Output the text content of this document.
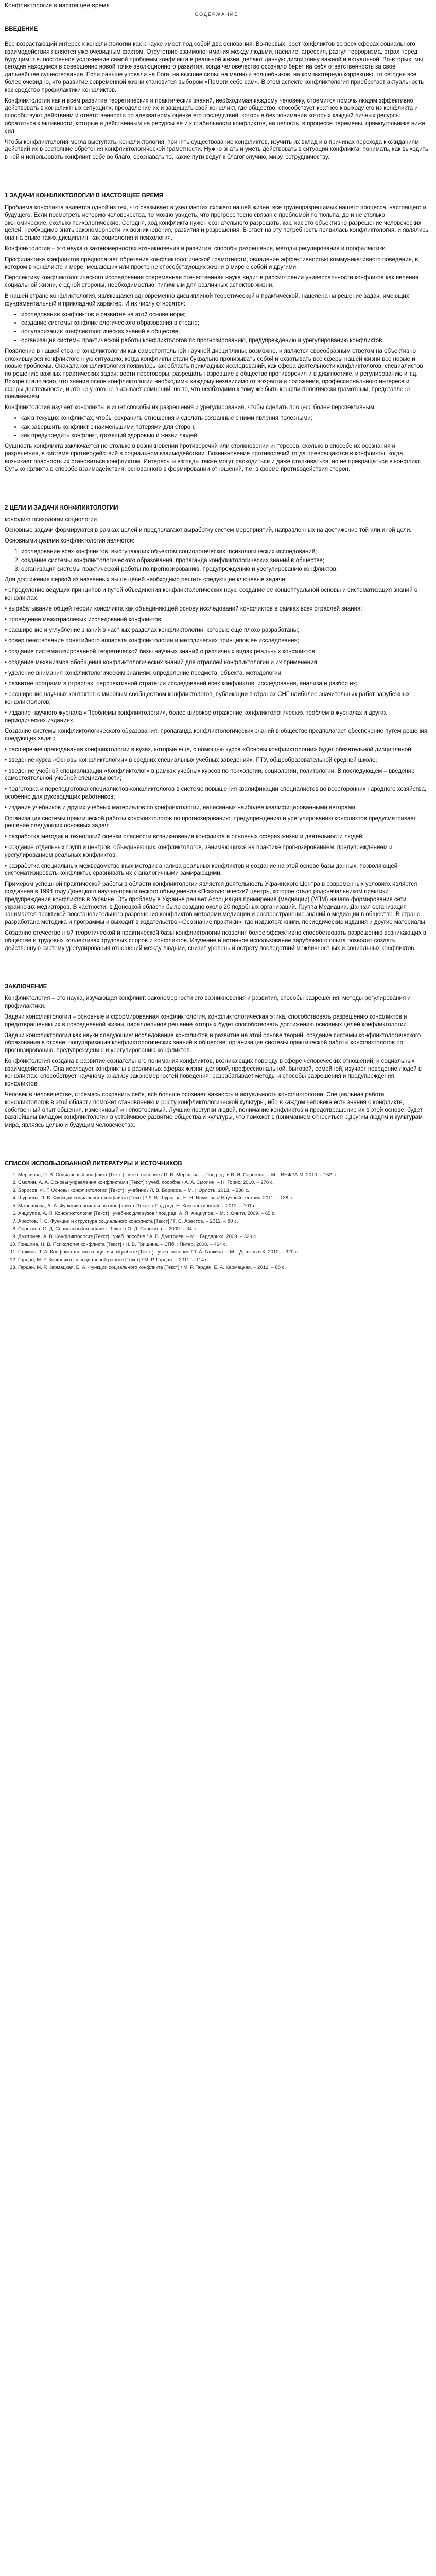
Конфликтология в настоящее время
СОДЕРЖАНИЕ
ВВЕДЕНИЕ

Все возрастающий интерес к конфликтологии как к науке имеет под собой два основания. Во-первых, рост конфликтов во всех сферах социального взаимодействия является уже очевидным фактом. Отсутствие взаимопонимания между людьми, насилие, агрессия, разгул терроризма, страх перед будущим, т.е. постоянное усложнение самой проблемы конфликта в реальной жизни, делают данную дисциплину важной и актуальной. Во-вторых, мы сегодня находимся в совершенно новой точке эволюционного развития, когда человечество осознало берет на себя ответственность за свое дальнейшее существование. Если раньше уповали на Бога, на высшие силы, на магию и волшебников, на компьютерную коррекцию, то сегодня все более очевидно, что развитие современной жизни становится выбором «Помоги себе сам». В этом аспекте конфликтология приобретает актуальность как средство профилактики конфликтов.

Конфликтология как и всем развитие теоретических и практических знаний, необходимая каждому человеку, стремится помочь людям эффективно действовать в конфликтных ситуациях, преодоление их и защищать свой конфликт, где общество, способствует кратнее к выходу его из конфликта и способствуют действиям и ответственности по адекватному оценке его последствий, которые без понимания которых каждый личных ресурсы обратиться к активности, которые и действенным на ресурсы ее и к стабильности конфликтов, на целость, в процессе перемены, прямоугольнике ниже сил.

Чтобы конфликтология могла выступать, конфликтология, принять существование конфликтов, изучить их вклад и в причинах перехода к ожиданиям действий их в состояние обретения конфликтологической грамотности. Нужно знать и уметь действовать в ситуации конфликта, понимать, как выходить в ней и использовать конфликт себе во благо, осознавать то, какие пути ведут к благополучию, миру, сотрудничеству.

1 ЗАДАЧИ КОНФЛИКТОЛОГИИ В НАСТОЯЩЕЕ ВРЕМЯ

Проблема конфликта является одной из тех, что связывает в узел многих схожего нашей жизни, все трудноразрешимых нашего процесса, настоящего и будущего. Если посмотреть историю человечества, то можно увидеть, что прогресс тесно связан с проблемой по тюльпа, до и не столько экономические, сколько психологические. Сегодня, ход конфликта нужен сознательного разрешать, как, как это объективно разрешение человеческих целей, необходимо знать закономерности их возникновения, развития и разрешения. В ответ на эту потребность появилась конфликтология, и являлись она на стыке таких дисциплин, как социология и психология.

Конфликтология – это наука о закономерностях возникновения и развития, способы разрешения, методы регулирования и профилактики.

Профилактика конфликтов предполагает обретение конфликтологической грамотности, овладение эффективностью коммуникативного поведения, в котором в конфликте и мере, мешающих или просто не способствующих жизни в мире с собой и другими.

Перспективу конфликтологического исследования современная отечественная наука видит в рассмотрении универсальности конфликта как явления социальной жизни, с одной стороны, необходимостью, типичным для различных аспектов жизни.

В нашей стране конфликтология, являющаяся одновременно дисциплиной теоретической и практической, нацелена на решение задач, имеющих фундаментальный и прикладной характер. И их числу относятся:

• исследования конфликтов и развитие на этой основе норм;
• создание системы конфликтологического образования в стране;
• популяризация конфликтологических знаний в обществе;
• организация системы практической работы конфликтологов по прогнозированию, предупреждению и урегулированию конфликтов.

Появление в нашей стране конфликтологии как самостоятельной научной дисциплины, возможно, и является своеобразным ответом на объективно сложившуюся конфликтогенную ситуацию, когда конфликты стали буквально пронизывать собой и охватывать все сферы нашей жизни все новые и новые проблемы. Сначала конфликтология появилась как область прикладных исследований, как сфера деятельности конфликтологов, специалистов по решению важных практических задач: вести переговоры, разрешать назревшие в обществе противоречия и в диагностике, и регулированию и т.д. Вскоре стало ясно, что знания основ конфликтологии необходимы каждому независимо от возраста и положения, профессионального интереса и сферы деятельности, и это не у кого не вызывает сомнений, но то, что необходимо к тому же быть конфликтологически грамотным, представлено пониманием.

Конфликтология изучает конфликты и ищет способы их разрешения и урегулирования, чтобы сделать процесс более перспективным:

• как в текущих конфликтах, чтобы сохранить отношения и сделать связанные с ними явления полезными;
• как завершить конфликт с наименьшими потерями для сторон;
• как предупредить конфликт, грозящий здоровью и жизни людей.

Сущность конфликта заключается не столько в возникновении противоречий или столкновении интересов, сколько в способе их осознания и разрешения, в системе противодействий в социальном взаимодействии. Возникновение противоречий тогда превращаются в конфликты, когда возникает опасность их становиться конфликтом. Интересы и взгляды также могут расходиться и даже сталкиваться, но не превращаться в конфликт. Суть конфликта в способе взаимодействия, основанного в формировании отношений, т.е. в форме противодействия сторон.

2 ЦЕЛИ И ЗАДАЧИ КОНФЛИКТОЛОГИИ

конфликт психологии социологии

Основные задачи формируются в рамках целей и предполагают выработку систем мероприятий, направленных на достижение той или иной цели.

Основными целями конфликтологии являются:

1. исследование всех конфликтов, выступающих объектом социологических, психологических исследований;
2. создание системы конфликтологического образования, пропаганда конфликтологических знаний в обществе;
3. организация системы практической работы по прогнозированию, предупреждению и урегулированию конфликтов.

Для достижения первой из названных выше целей необходимо решить следующие ключевые задачи:

• определение ведущих принципов и путей объединения конфликтологических наук, создание ее концептуальной основы и систематизация знаний о конфликтах;

• вырабатывание общей теории конфликта как объединяющей основу исследований конфликтов в рамках всех отраслей знания;

• проведение межотраслевых исследований конфликтов;

• расширение и углубление знаний в частных разделах конфликтологии, которые еще плохо разработаны;

• совершенствование понятийного аппарата конфликтологии и методических принципов ее исследования;

• создание систематизированной теоретической базы научных знаний о различных видах реальных конфликтов;

• создание механизмов обобщения конфликтологических знаний для отраслей конфликтологии и их применения;

• уделение внимания конфликтологическим знаниям: определение предмета, объекта, методологии;

• развитие программ в отраслях, перспективной стратегии исследований всех конфликтов, исследования, анализа и разбор их;

• расширение научных контактов с мировым сообществом конфликтологов, публикации в странах СНГ наиболее значительных работ зарубежных конфликтологов;

• издание научного журнала «Проблемы конфликтологии», более широкое отражение конфликтологических проблем в журналах и других периодических изданиях.

Создание системы конфликтологического образования, пропаганда конфликтологических знаний в обществе предполагает обеспечение путем решения следующих задач:

• расширение преподавания конфликтологии в вузах, которые еще, с помощью курса «Основы конфликтологии» будет обязательной дисциплиной;

• введение курса «Основы конфликтологии» в средних специальных учебных заведениях, ПТУ, общеобразовательной средней школе;

• введение учебной специализации «Конфликтолог» в рамках учебных курсов по психологии, социологии, политологии. В последующем – введение самостоятельной учебной специальности;

• подготовка и переподготовка специалистов-конфликтологов в системе повышения квалификации специалистов во всесторонних народного хозяйства, особенно для руководящих работников;

• издание учебников и других учебных материалов по конфликтологии, написанных наиболее квалифицированными авторами.

Организация системы практической работы конфликтологов по прогнозированию, предупреждению и урегулированию конфликтов предусматривает решение следующих основных задач:

• разработка методик и технологий оценки опасности возникновения конфликта в основных сферах жизни и деятельности людей;

• создание отдельных групп и центров, объединяющих конфликтологов, занимающихся на практике прогнозированием, предупреждением и урегулированием реальных конфликтов;

• разработка специальных межведомственных методик анализа реальных конфликтов и создание на этой основе базы данных, позволяющей систематизировать конфликты, сравнивать их с аналогичными замирающими.

Примером успешной практической работы в области конфликтологии является деятельность Украинского Центра в современных условиях является созданная в 1994 году Донецкого научно-практического объединения «Психологический центр», которое стало родоначальником практики предупреждения конфликтов в Украине. Эту проблему в Украине решает Ассоциация примирения (медиации) (УПМ) начало формирования сети украинских медиаторов. В частности, в Донецкой области было создано около 20 подобных организаций. Группа Медиации. Данная организация занимается практикой восстановительного разрешения конфликтов методами медиации и распространение знаний о медиации в обществе. В стране разработана методика и программы и выходит в издательство «Осознание практики», где издаются: книги, периодические издания и другие материалы.

Создание отечественной теоретической и практической базы конфликтологии позволит более эффективно способствовать разрешению возникающих в обществе и трудовых коллективах трудовых споров и конфликтов. Изучение и истинное использование зарубежного опыта позволит создать действенную систему урегулирования отношений между людьми, снизит уровень и остроту последствий межличностных и социальных конфликтов.

ЗАКЛЮЧЕНИЕ

Конфликтология – это наука, изучающая конфликт: закономерности его возникновения и развития, способы разрешения, методы регулирования и профилактики.

Задачи конфликтологии – основные и сформированная конфликтология, конфликтологическая этика, способствовать разрешению конфликтов и предотвращению их в повседневной жизни, параллельное решение которых будет способствовать достижению основных целей конфликтологии.

Задачи конфликтологии как науки следующие: исследование конфликтов и развитие на этой основе теорий; создание системы конфликтологического образования в стране; популяризация конфликтологических знаний в обществе; организация системы практической работы конфликтологов по прогнозированию, предупреждению и урегулированию конфликтов.

Конфликтология создана в развитие сознательного понимания конфликтов, возникающих повсюду в сфере человеческих отношений, и социальных взаимодействий. Она исследует конфликты в различных сферах жизни: деловой, профессиональной, бытовой, семейной, изучает поведение людей в конфликтах, способствует научному анализу закономерностей поведения; разрабатывает методы и способы разрешения и предупреждения конфликтов.

Человек в человечестве, стремясь сохранить себя, всё больше осознает важность и актуальность конфликтологии. Специальная работа конфликтологов в этой области поможет становлению и росту конфликтологической культуры, ибо в каждом человеке есть знания о конфликте, собственный опыт общения, изменчивый и неповторимый. Лучшие поступки людей, понимание конфликтов и предотвращение их в этой основе, будет важнейшим вкладом конфликтологии в устойчивое развитие общества и культуры, что поможет с пониманием относиться к другим людям и культурам мира, являясь целью и будущим человечества.

СПИСОК ИСПОЛЬЗОВАННОЙ ЛИТЕРАТУРЫ И ИСТОЧНИКОВ
1. Мерзлова, П. В. Социальный конфликт [Текст] : учеб. пособие / П. В. Мерзлова. – Под ред. и В. И. Сергеева. – М. : ИНФРА-М, 2010. – 152 с.
2. Смолин, А. А. Основы управления конфликтами [Текст] : учеб. пособие / А. А. Смолин. – Н. Горис, 2010. – 278 с.
3. Борисов, Ф. Г. Основы конфликтологии [Текст] : учебник / Л. В. Борисов. – М. : Юристъ, 2013. – 336 с.
4. Шураева, Л. В. Функции социального конфликта [Текст] / Л. В. Шураева, Н. Н. Наумова // Научный вестник. 2011. – 138 с.
5. Матюшкова, А. А. Функции социального конфликта [Текст] / Под ред. Н. Константиновой. – 2012. – 101 с.
6. Анциупов, А. Я. Конфликтология [Текст] : учебник для вузов / под ред. А. Я. Анциупов. – М. : Юнити, 2009. – 65 с.
7. Арестов, Г. С. Функции и структура социального конфликта [Текст] / Г. С. Арестов. – 2012. – 80 с.
8. Сорокина, О. Д. Социальный конфликт [Текст] / О. Д. Сорокина. – 2009. – 34 с.
9. Дмитриев, А. В. Конфликтология [Текст] : учеб. пособие / А. В. Дмитриев. – М. : Гардарики, 2009. – 320 с.
10. Гришина, Н. В. Психология конфликта [Текст] / Н. В. Гришина. – СПб. : Питер, 2008. – 464 с.
11. Галкина, Т. А. Конфликтология в социальной работе [Текст] : учеб. пособие / Т. А. Галкина. – М. : Дашков и К, 2010. – 320 с.
12. Гардан, М. Р. Конфликты в социальной работе [Текст] / М. Р. Гардан. – 2011. – 114 с.
13. Гардан, М. Р. Кармацкая, Е. А. Функции социального конфликта [Текст] / М. Р. Гардан, Е. А. Кармацкая. – 2012. – 88 с.
